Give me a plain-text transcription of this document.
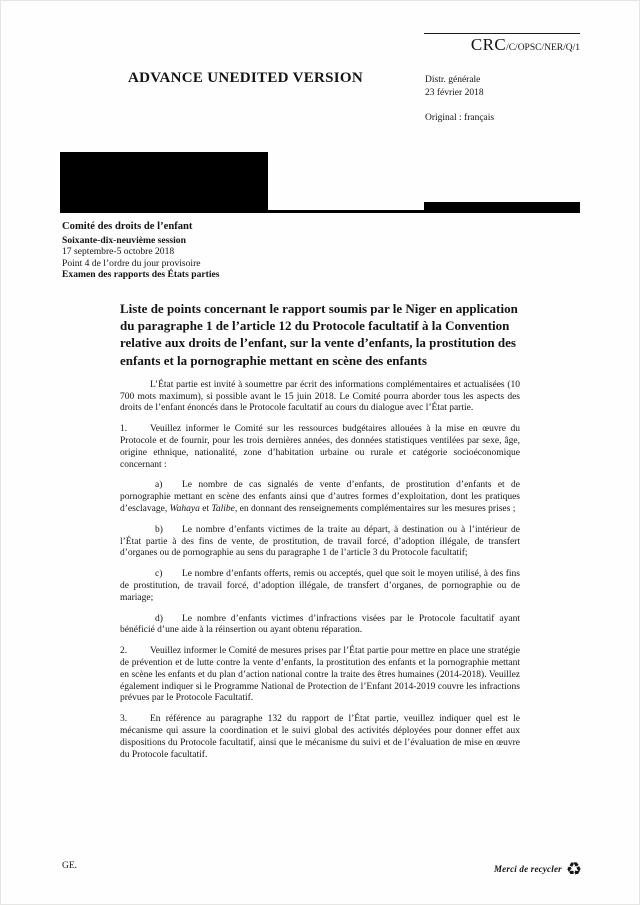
CRC/C/OPSC/NER/Q/1
ADVANCE UNEDITED VERSION	Distr. générale
23 février 2018
Original : français
Comité des droits de l’enfant
Soixante-dix-neuvième session
17 septembre-5 octobre 2018
Point 4 de l’ordre du jour provisoire
Examen des rapports des États parties
Liste de points concernant le rapport soumis par le Niger en application du paragraphe 1 de l’article 12 du Protocole facultatif à la Convention relative aux droits de l’enfant, sur la vente d’enfants, la prostitution des enfants et la pornographie mettant en scène des enfants

L’État partie est invité à soumettre par écrit des informations complémentaires et actualisées (10 700 mots maximum), si possible avant le 15 juin 2018. Le Comité pourra aborder tous les aspects des droits de l’enfant énoncés dans le Protocole facultatif au cours du dialogue avec l’État partie.

1. Veuillez informer le Comité sur les ressources budgétaires allouées à la mise en œuvre du Protocole et de fournir, pour les trois dernières années, des données statistiques ventilées par sexe, âge, origine ethnique, nationalité, zone d’habitation urbaine ou rurale et catégorie socioéconomique concernant :

a) Le nombre de cas signalés de vente d’enfants, de prostitution d’enfants et de pornographie mettant en scène des enfants ainsi que d’autres formes d’exploitation, dont les pratiques d’esclavage, Wahaya et Talibe, en donnant des renseignements complémentaires sur les mesures prises ;

b) Le nombre d’enfants victimes de la traite au départ, à destination ou à l’intérieur de l’État partie à des fins de vente, de prostitution, de travail forcé, d’adoption illégale, de transfert d’organes ou de pornographie au sens du paragraphe 1 de l’article 3 du Protocole facultatif;

c) Le nombre d’enfants offerts, remis ou acceptés, quel que soit le moyen utilisé, à des fins de prostitution, de travail forcé, d’adoption illégale, de transfert d’organes, de pornographie ou de mariage;

d) Le nombre d’enfants victimes d’infractions visées par le Protocole facultatif ayant bénéficié d’une aide à la réinsertion ou ayant obtenu réparation.

2. Veuillez informer le Comité de mesures prises par l’État partie pour mettre en place une stratégie de prévention et de lutte contre la vente d’enfants, la prostitution des enfants et la pornographie mettant en scène les enfants et du plan d’action national contre la traite des êtres humaines (2014-2018). Veuillez également indiquer si le Programme National de Protection de l’Enfant 2014-2019 couvre les infractions prévues par le Protocole Facultatif.

3. En référence au paragraphe 132 du rapport de l’État partie, veuillez indiquer quel est le mécanisme qui assure la coordination et le suivi global des activités déployées pour donner effet aux dispositions du Protocole facultatif, ainsi que le mécanisme du suivi et de l’évaluation de mise en œuvre du Protocole facultatif.

GE.	Merci de recycler ♻
